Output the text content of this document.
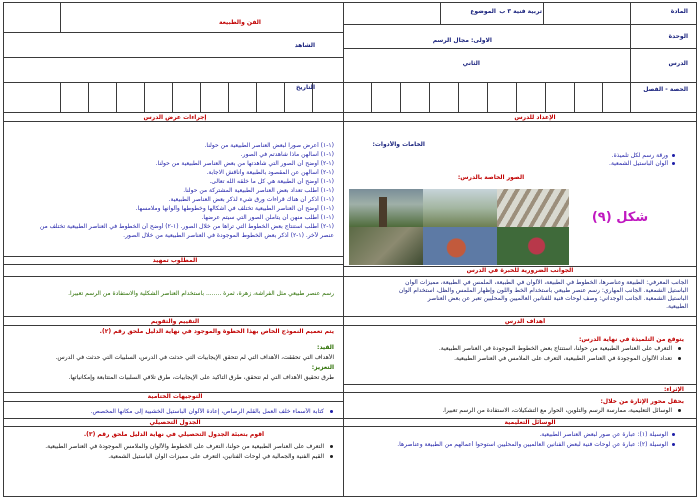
المادة
تربية فنية ٣ ب
الموضوع
الفن والطبيعة
الوحدة
الاولى: مجال الرسم
الشاهد
الدرس
الثاني
التاريخ	الحصة - الفصل
الإعداد للدرس
إجراءات عرض الدرس
الخامات والأدوات:
ورقة رسم لكل تلميذة.
ألوان الباستيل الشمعية.
الصور الخاصة بالدرس:
شكل (٩)
(١-١) أعرض صوراً لبعض العناصر الطبيعية من حولنا.
(١-١) أسألهن ماذا شاهدتم في الصور.
(١-٢) أوضح أن الصور التي شاهدتها من بعض العناصر الطبيعية من حولنا.
(١-٢) أسألهن عن المقصود بالطبيعة وأناقش الاجابة.
(١-١) أوضح أن الطبيعة هي كل ما خلقه الله تعالى.
(١-١) أطلب تعداد بعض العناصر الطبيعية المشتركة من حولنا.
(١-١) أذكر أن هناك قراءات ورق شيء لذكر بعض العناصر الطبيعية.
(١-١) أوضح أن العناصر الطبيعية تختلف في أشكالها وخطوطها وألوانها وملامسها.
(١-١) أطلب منهن أن يتأملن الصور التي سيتم عرضها.
(١-٢) أطلب استنتاج بعض الخطوط التي تراها من خلال الصور. (١-٢) أوضح أن الخطوط في العناصر الطبيعية تختلف من
عنصر لآخر. (١-٢) أذكر بعض الخطوط الموجودة في العناصر الطبيعية من خلال الصور.
الجوانب الضرورية للخبرة في الدرس
الجانب المعرفي: الطبيعة وعناصرها، الخطوط في الطبيعة، الألوان في الطبيعة، الملمس في الطبيعة، مميزات ألوان
الباستيل الشمعية. الجانب المهاري: رسم عنصر طبيعي باستخدام الخط واللون وإظهار الملمس والظل، استخدام ألوان
الباستيل الشمعية. الجانب الوجداني: وصف لوحات فنية للفنانين العالميين والمحليين تعبر عن بعض العناصر
الطبيعية.
المطلوب تمهيد
رسم عنصر طبيعي مثل الفراشة، زهرة، ثمرة ........ باستخدام العناصر الشكلية والاستفادة من الرسم تعبيراً.
أهداف الدرس
يتوقع من التلميذة في نهاية الدرس:
التعرف على العناصر الطبيعية من حولنا، استنتاج بعض الخطوط الموجودة في العناصر الطبيعية.
تعداد الألوان الموجودة في العناصر الطبيعية، التعرف على الملامس في العناصر الطبيعية.
التقييم والتقويم
يتم تعميم النموذج الخاص بهذا الخطوة والموجود في نهاية الدليل ملحق رقم (٢).
القيد:
الأهداف التي تحققت، الأهداف التي لم تتحقق الإيجابيات التي حدثت في الدرس، السلبيات التي حدثت في الدرس.
التعزيز:
طرق تحقيق الأهداف التي لم تتحقق، طرق التأكيد على الإيجابيات، طرق تلافي السلبيات المتتابعة وإمكانياتها.
الإثراء:
بحقل محور الإثارة من خلال:
الوسائل التعليمية، ممارسة الرسم والتلوين، الحوار مع التشكيلات، الاستفادة من الرسم تعبيراً.
الوسائل التعليمية
الوسيلة (١): عبارة عن صور لبعض العناصر الطبيعية.
الوسيلة (٢): عبارة عن لوحات فنية لبعض الفنانين العالميين والمحليين استوحوا أعمالهم من الطبيعة وعناصرها.
التوجيهات الختامية
كتابة الأسماء خلف العمل بالقلم الرصاص، إعادة الألوان الباستيل الخشبية إلى مكانها المخصص.
الجدول التحصيلي
أقوم بتعبئة الجدول التحصيلي في نهاية الدليل ملحق رقم (٣).
التعرف على العناصر الطبيعية من حولنا، التعرف على الخطوط والألوان والملامس الموجودة في العناصر الطبيعية.
القيم الفنية والجمالية في لوحات الفنانين، التعرف على مميزات الوان الباستيل الشمعية.
